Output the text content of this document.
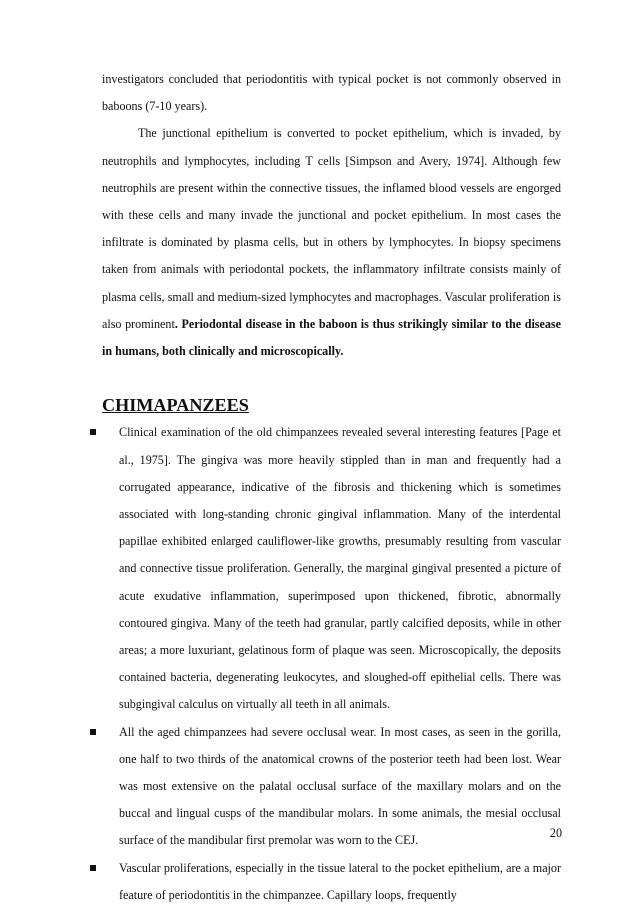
investigators concluded that periodontitis with typical pocket is not commonly observed in baboons (7-10 years).

The junctional epithelium is converted to pocket epithelium, which is invaded, by neutrophils and lymphocytes, including T cells [Simpson and Avery, 1974]. Although few neutrophils are present within the connective tissues, the inflamed blood vessels are engorged with these cells and many invade the junctional and pocket epithelium. In most cases the infiltrate is dominated by plasma cells, but in others by lymphocytes. In biopsy specimens taken from animals with periodontal pockets, the inflammatory infiltrate consists mainly of plasma cells, small and medium-sized lymphocytes and macrophages. Vascular proliferation is also prominent. Periodontal disease in the baboon is thus strikingly similar to the disease in humans, both clinically and microscopically.

CHIMAPANZEES
Clinical examination of the old chimpanzees revealed several interesting features [Page et al., 1975]. The gingiva was more heavily stippled than in man and frequently had a corrugated appearance, indicative of the fibrosis and thickening which is sometimes associated with long-standing chronic gingival inflammation. Many of the interdental papillae exhibited enlarged cauliflower-like growths, presumably resulting from vascular and connective tissue proliferation. Generally, the marginal gingival presented a picture of acute exudative inflammation, superimposed upon thickened, fibrotic, abnormally contoured gingiva. Many of the teeth had granular, partly calcified deposits, while in other areas; a more luxuriant, gelatinous form of plaque was seen. Microscopically, the deposits contained bacteria, degenerating leukocytes, and sloughed-off epithelial cells. There was subgingival calculus on virtually all teeth in all animals.
All the aged chimpanzees had severe occlusal wear. In most cases, as seen in the gorilla, one half to two thirds of the anatomical crowns of the posterior teeth had been lost. Wear was most extensive on the palatal occlusal surface of the maxillary molars and on the buccal and lingual cusps of the mandibular molars. In some animals, the mesial occlusal surface of the mandibular first premolar was worn to the CEJ.
Vascular proliferations, especially in the tissue lateral to the pocket epithelium, are a major feature of periodontitis in the chimpanzee. Capillary loops, frequently
20
